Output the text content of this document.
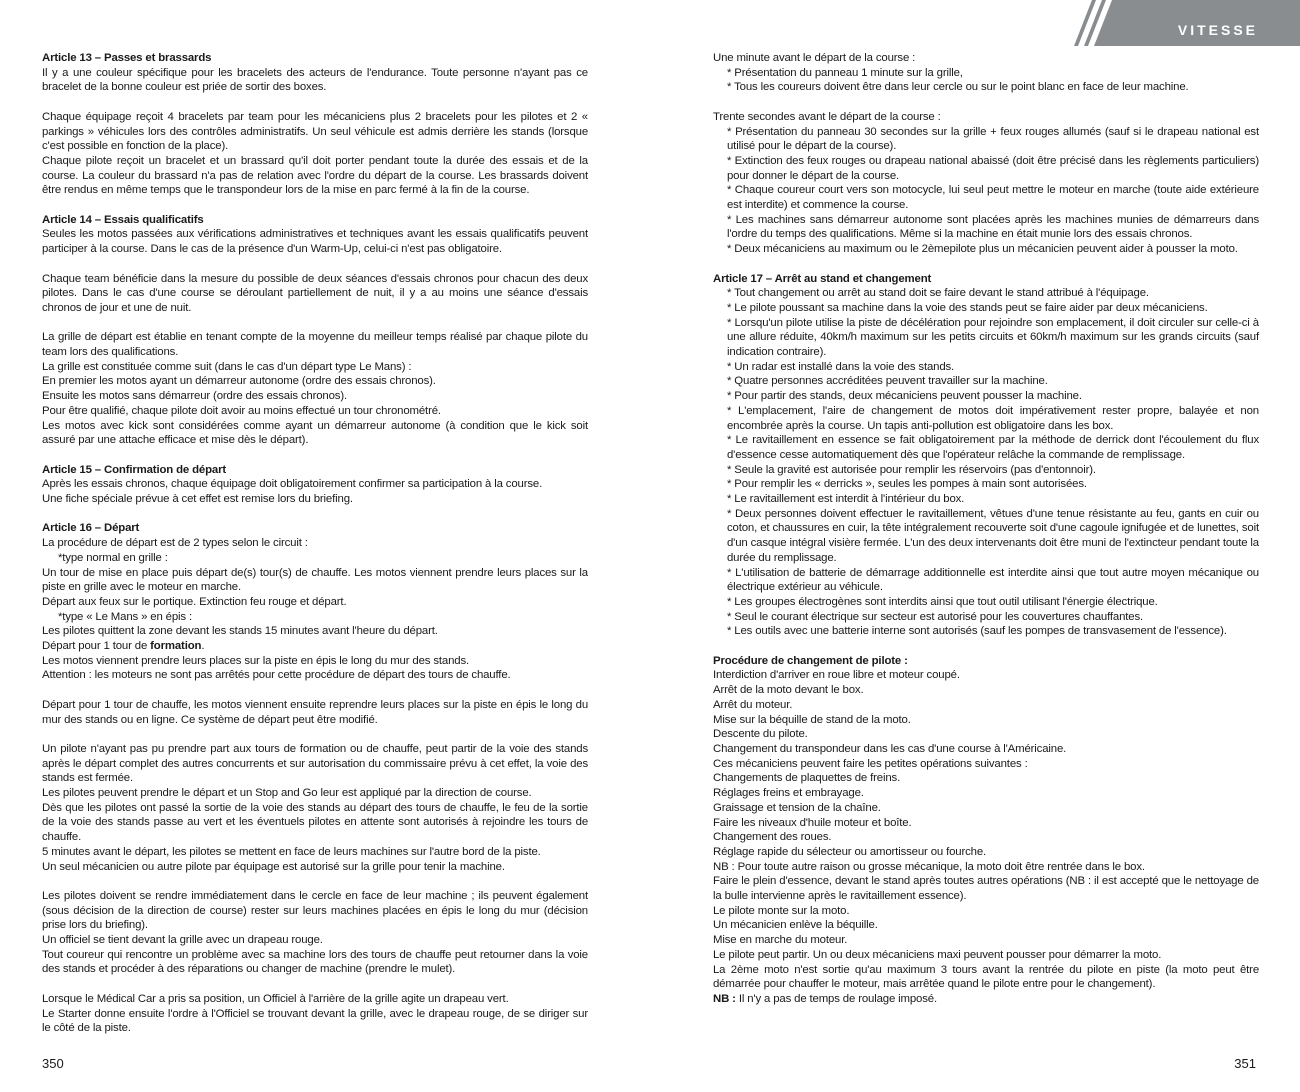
Article 13 – Passes et brassards

Il y a une couleur spécifique pour les bracelets des acteurs de l'endurance. Toute personne n'ayant pas ce bracelet de la bonne couleur est priée de sortir des boxes.

Chaque équipage reçoit 4 bracelets par team pour les mécaniciens plus 2 bracelets pour les pilotes et 2 « parkings » véhicules lors des contrôles administratifs. Un seul véhicule est admis derrière les stands (lorsque c'est possible en fonction de la place).

Chaque pilote reçoit un bracelet et un brassard qu'il doit porter pendant toute la durée des essais et de la course. La couleur du brassard n'a pas de relation avec l'ordre du départ de la course. Les brassards doivent être rendus en même temps que le transpondeur lors de la mise en parc fermé à la fin de la course.

Article 14 – Essais qualificatifs

Seules les motos passées aux vérifications administratives et techniques avant les essais qualificatifs peuvent participer à la course. Dans le cas de la présence d'un Warm-Up, celui-ci n'est pas obligatoire.

Chaque team bénéficie dans la mesure du possible de deux séances d'essais chronos pour chacun des deux pilotes. Dans le cas d'une course se déroulant partiellement de nuit, il y a au moins une séance d'essais chronos de jour et une de nuit.

La grille de départ est établie en tenant compte de la moyenne du meilleur temps réalisé par chaque pilote du team lors des qualifications.

La grille est constituée comme suit (dans le cas d'un départ type Le Mans) :

En premier les motos ayant un démarreur autonome (ordre des essais chronos).

Ensuite les motos sans démarreur (ordre des essais chronos).

Pour être qualifié, chaque pilote doit avoir au moins effectué un tour chronométré.

Les motos avec kick sont considérées comme ayant un démarreur autonome (à condition que le kick soit assuré par une attache efficace et mise dès le départ).

Article 15 – Confirmation de départ

Après les essais chronos, chaque équipage doit obligatoirement confirmer sa participation à la course.

Une fiche spéciale prévue à cet effet est remise lors du briefing.

Article 16 – Départ

La procédure de départ est de 2 types selon le circuit :

*type normal en grille :

Un tour de mise en place puis départ de(s) tour(s) de chauffe. Les motos viennent prendre leurs places sur la piste en grille avec le moteur en marche.

Départ aux feux sur le portique. Extinction feu rouge et départ.

*type « Le Mans » en épis :

Les pilotes quittent la zone devant les stands 15 minutes avant l'heure du départ.

Départ pour 1 tour de formation.

Les motos viennent prendre leurs places sur la piste en épis le long du mur des stands.

Attention : les moteurs ne sont pas arrêtés pour cette procédure de départ des tours de chauffe.

Départ pour 1 tour de chauffe, les motos viennent ensuite reprendre leurs places sur la piste en épis le long du mur des stands ou en ligne. Ce système de départ peut être modifié.

Un pilote n'ayant pas pu prendre part aux tours de formation ou de chauffe, peut partir de la voie des stands après le départ complet des autres concurrents et sur autorisation du commissaire prévu à cet effet, la voie des stands est fermée.

Les pilotes peuvent prendre le départ et un Stop and Go leur est appliqué par la direction de course.

Dès que les pilotes ont passé la sortie de la voie des stands au départ des tours de chauffe, le feu de la sortie de la voie des stands passe au vert et les éventuels pilotes en attente sont autorisés à rejoindre les tours de chauffe.

5 minutes avant le départ, les pilotes se mettent en face de leurs machines sur l'autre bord de la piste.

Un seul mécanicien ou autre pilote par équipage est autorisé sur la grille pour tenir la machine.

Les pilotes doivent se rendre immédiatement dans le cercle en face de leur machine ; ils peuvent également (sous décision de la direction de course) rester sur leurs machines placées en épis le long du mur (décision prise lors du briefing).

Un officiel se tient devant la grille avec un drapeau rouge.

Tout coureur qui rencontre un problème avec sa machine lors des tours de chauffe peut retourner dans la voie des stands et procéder à des réparations ou changer de machine (prendre le mulet).

Lorsque le Médical Car a pris sa position, un Officiel à l'arrière de la grille agite un drapeau vert.

Le Starter donne ensuite l'ordre à l'Officiel se trouvant devant la grille, avec le drapeau rouge, de se diriger sur le côté de la piste.

350
VITESSE

Une minute avant le départ de la course :

* Présentation du panneau 1 minute sur la grille,

* Tous les coureurs doivent être dans leur cercle ou sur le point blanc en face de leur machine.

Trente secondes avant le départ de la course :

* Présentation du panneau 30 secondes sur la grille + feux rouges allumés (sauf si le drapeau national est utilisé pour le départ de la course).

* Extinction des feux rouges ou drapeau national abaissé (doit être précisé dans les règlements particuliers) pour donner le départ de la course.

* Chaque coureur court vers son motocycle, lui seul peut mettre le moteur en marche (toute aide extérieure est interdite) et commence la course.

* Les machines sans démarreur autonome sont placées après les machines munies de démarreurs dans l'ordre du temps des qualifications. Même si la machine en était munie lors des essais chronos.

* Deux mécaniciens au maximum ou le 2èmepilote plus un mécanicien peuvent aider à pousser la moto.

Article 17 – Arrêt au stand et changement

* Tout changement ou arrêt au stand doit se faire devant le stand attribué à l'équipage.

* Le pilote poussant sa machine dans la voie des stands peut se faire aider par deux mécaniciens.

* Lorsqu'un pilote utilise la piste de décélération pour rejoindre son emplacement, il doit circuler sur celle-ci à une allure réduite, 40km/h maximum sur les petits circuits et 60km/h maximum sur les grands circuits (sauf indication contraire).

* Un radar est installé dans la voie des stands.

* Quatre personnes accréditées peuvent travailler sur la machine.

* Pour partir des stands, deux mécaniciens peuvent pousser la machine.

* L'emplacement, l'aire de changement de motos doit impérativement rester propre, balayée et non encombrée après la course. Un tapis anti-pollution est obligatoire dans les box.

* Le ravitaillement en essence se fait obligatoirement par la méthode de derrick dont l'écoulement du flux d'essence cesse automatiquement dès que l'opérateur relâche la commande de remplissage.

* Seule la gravité est autorisée pour remplir les réservoirs (pas d'entonnoir).

* Pour remplir les « derricks », seules les pompes à main sont autorisées.

* Le ravitaillement est interdit à l'intérieur du box.

* Deux personnes doivent effectuer le ravitaillement, vêtues d'une tenue résistante au feu, gants en cuir ou coton, et chaussures en cuir, la tête intégralement recouverte soit d'une cagoule ignifugée et de lunettes, soit d'un casque intégral visière fermée. L'un des deux intervenants doit être muni de l'extincteur pendant toute la durée du remplissage.

* L'utilisation de batterie de démarrage additionnelle est interdite ainsi que tout autre moyen mécanique ou électrique extérieur au véhicule.

* Les groupes électrogènes sont interdits ainsi que tout outil utilisant l'énergie électrique.

* Seul le courant électrique sur secteur est autorisé pour les couvertures chauffantes.

* Les outils avec une batterie interne sont autorisés (sauf les pompes de transvasement de l'essence).

Procédure de changement de pilote :

Interdiction d'arriver en roue libre et moteur coupé.

Arrêt de la moto devant le box.

Arrêt du moteur.

Mise sur la béquille de stand de la moto.

Descente du pilote.

Changement du transpondeur dans les cas d'une course à l'Américaine.

Ces mécaniciens peuvent faire les petites opérations suivantes :

Changements de plaquettes de freins.

Réglages freins et embrayage.

Graissage et tension de la chaîne.

Faire les niveaux d'huile moteur et boîte.

Changement des roues.

Réglage rapide du sélecteur ou amortisseur ou fourche.

NB : Pour toute autre raison ou grosse mécanique, la moto doit être rentrée dans le box.

Faire le plein d'essence, devant le stand après toutes autres opérations (NB : il est accepté que le nettoyage de la bulle intervienne après le ravitaillement essence).

Le pilote monte sur la moto.

Un mécanicien enlève la béquille.

Mise en marche du moteur.

Le pilote peut partir. Un ou deux mécaniciens maxi peuvent pousser pour démarrer la moto.

La 2ème moto n'est sortie qu'au maximum 3 tours avant la rentrée du pilote en piste (la moto peut être démarrée pour chauffer le moteur, mais arrêtée quand le pilote entre pour le changement).

NB : Il n'y a pas de temps de roulage imposé.

351
